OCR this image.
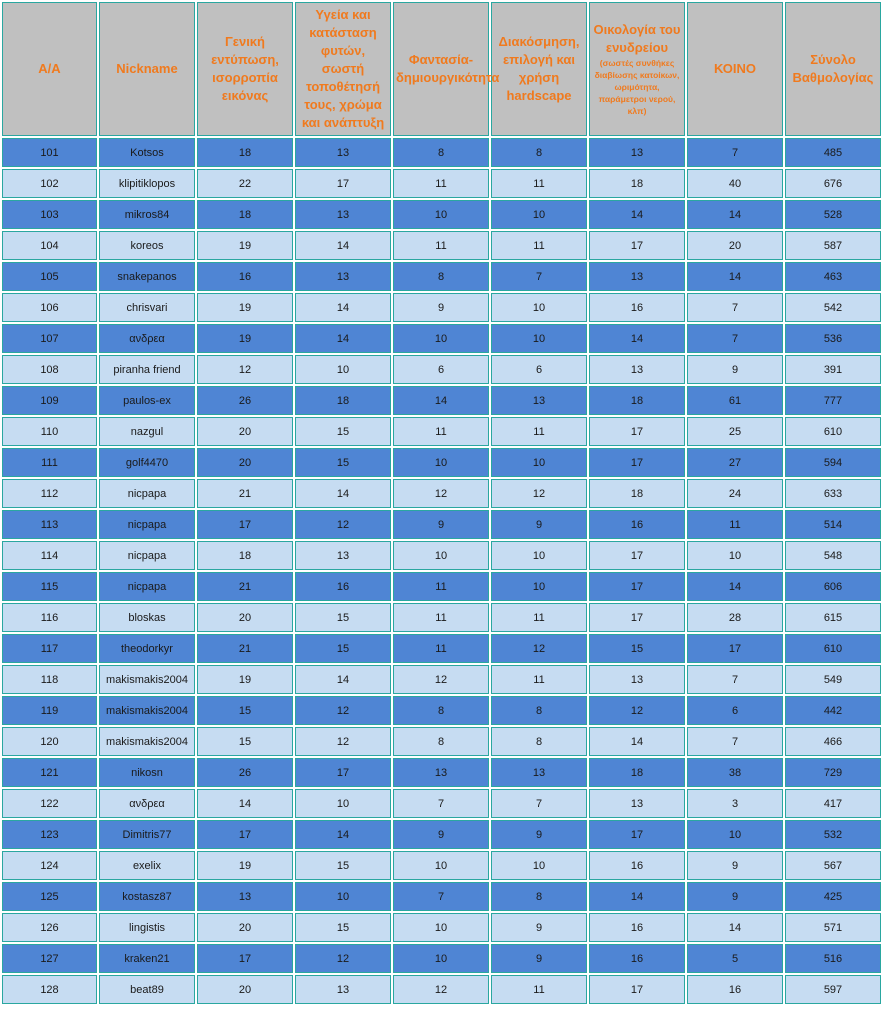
A/A	Nickname	Γενική εντύπωση, ισορροπία εικόνας	Υγεία και κατάσταση φυτών, σωστή τοποθέτησή τους, χρώμα και ανάπτυξη	Φαντασία-δημιουργικότητα	Διακόσμηση, επιλογή και χρήση hardscape	Οικολογία του ενυδρείου
(σωστές συνθήκες διαβίωσης κατοίκων, ωριμότητα, παράμετροι νερού, κλπ)	ΚΟΙΝΟ	Σύνολο Βαθμολογίας
101	Kotsos	18	13	8	8	13	7	485
102	klipitiklopos	22	17	11	11	18	40	676
103	mikros84	18	13	10	10	14	14	528
104	koreos	19	14	11	11	17	20	587
105	snakepanos	16	13	8	7	13	14	463
106	chrisvari	19	14	9	10	16	7	542
107	ανδρεα	19	14	10	10	14	7	536
108	piranha friend	12	10	6	6	13	9	391
109	paulos-ex	26	18	14	13	18	61	777
110	nazgul	20	15	11	11	17	25	610
111	golf4470	20	15	10	10	17	27	594
112	nicpapa	21	14	12	12	18	24	633
113	nicpapa	17	12	9	9	16	11	514
114	nicpapa	18	13	10	10	17	10	548
115	nicpapa	21	16	11	10	17	14	606
116	bloskas	20	15	11	11	17	28	615
117	theodorkyr	21	15	11	12	15	17	610
118	makismakis2004	19	14	12	11	13	7	549
119	makismakis2004	15	12	8	8	12	6	442
120	makismakis2004	15	12	8	8	14	7	466
121	nikosn	26	17	13	13	18	38	729
122	ανδρεα	14	10	7	7	13	3	417
123	Dimitris77	17	14	9	9	17	10	532
124	exelix	19	15	10	10	16	9	567
125	kostasz87	13	10	7	8	14	9	425
126	lingistis	20	15	10	9	16	14	571
127	kraken21	17	12	10	9	16	5	516
128	beat89	20	13	12	11	17	16	597
